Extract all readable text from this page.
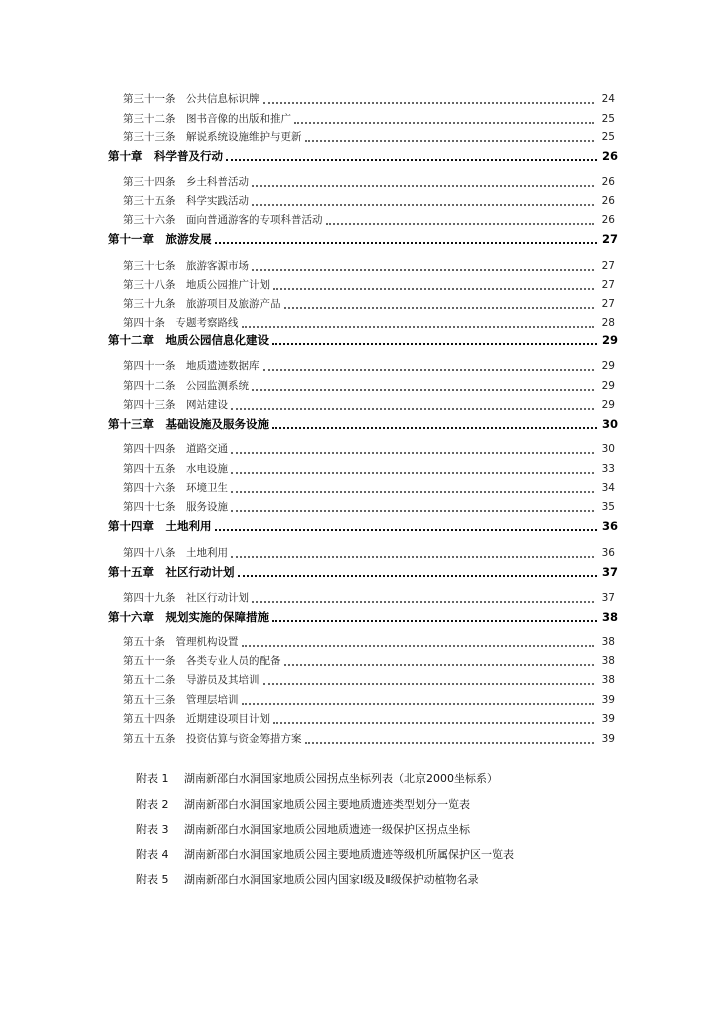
第三十一条　公共信息标识牌	24
第三十二条　图书音像的出版和推广	25
第三十三条　解说系统设施维护与更新	25
第十章　科学普及行动	26
第三十四条　乡土科普活动	26
第三十五条　科学实践活动	26
第三十六条　面向普通游客的专项科普活动	26
第十一章　旅游发展	27
第三十七条　旅游客源市场	27
第三十八条　地质公园推广计划	27
第三十九条　旅游项目及旅游产品	27
第四十条　专题考察路线	28
第十二章　地质公园信息化建设	29
第四十一条　地质遗迹数据库	29
第四十二条　公园监测系统	29
第四十三条　网站建设	29
第十三章　基础设施及服务设施	30
第四十四条　道路交通	30
第四十五条　水电设施	33
第四十六条　环境卫生	34
第四十七条　服务设施	35
第十四章　土地利用	36
第四十八条　土地利用	36
第十五章　社区行动计划	37
第四十九条　社区行动计划	37
第十六章　规划实施的保障措施	38
第五十条　管理机构设置	38
第五十一条　各类专业人员的配备	38
第五十二条　导游员及其培训	38
第五十三条　管理层培训	39
第五十四条　近期建设项目计划	39
第五十五条　投资估算与资金筹措方案	39
附表 1 湖南新邵白水洞国家地质公园拐点坐标列表（北京2000坐标系）
附表 2 湖南新邵白水洞国家地质公园主要地质遗迹类型划分一览表
附表 3 湖南新邵白水洞国家地质公园地质遗迹一级保护区拐点坐标
附表 4 湖南新邵白水洞国家地质公园主要地质遗迹等级机所属保护区一览表
附表 5 湖南新邵白水洞国家地质公园内国家Ⅰ级及Ⅱ级保护动植物名录
